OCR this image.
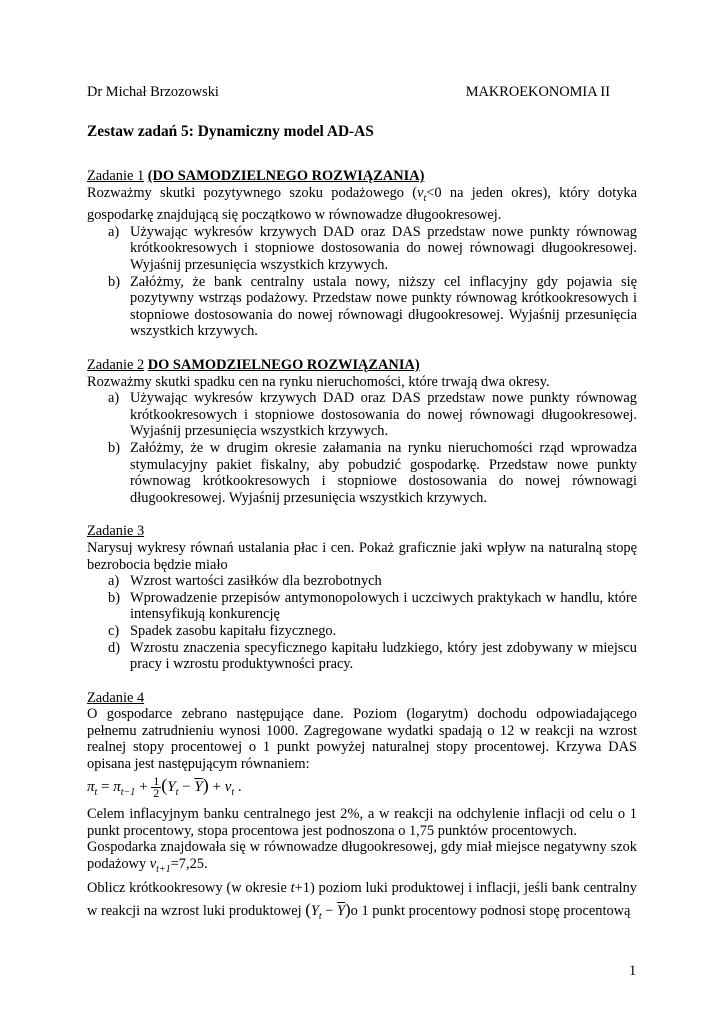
Dr Michał Brzozowski	MAKROEKONOMIA II
Zestaw zadań 5: Dynamiczny model AD-AS
Zadanie 1 (DO SAMODZIELNEGO ROZWIĄZANIA)

Rozważmy skutki pozytywnego szoku podażowego ($v_t<0$ na jeden okres), który dotyka gospodarkę znajdującą się początkowo w równowadze długookresowej.

a) Używając wykresów krzywych DAD oraz DAS przedstaw nowe punkty równowag krótkookresowych i stopniowe dostosowania do nowej równowagi długookresowej. Wyjaśnij przesunięcia wszystkich krzywych.
b) Załóżmy, że bank centralny ustala nowy, niższy cel inflacyjny gdy pojawia się pozytywny wstrząs podażowy. Przedstaw nowe punkty równowag krótkookresowych i stopniowe dostosowania do nowej równowagi długookresowej. Wyjaśnij przesunięcia wszystkich krzywych.
Zadanie 2 DO SAMODZIELNEGO ROZWIĄZANIA)

Rozważmy skutki spadku cen na rynku nieruchomości, które trwają dwa okresy.

a) Używając wykresów krzywych DAD oraz DAS przedstaw nowe punkty równowag krótkookresowych i stopniowe dostosowania do nowej równowagi długookresowej. Wyjaśnij przesunięcia wszystkich krzywych.
b) Załóżmy, że w drugim okresie załamania na rynku nieruchomości rząd wprowadza stymulacyjny pakiet fiskalny, aby pobudzić gospodarkę. Przedstaw nowe punkty równowag krótkookresowych i stopniowe dostosowania do nowej równowagi długookresowej. Wyjaśnij przesunięcia wszystkich krzywych.
Zadanie 3

Narysuj wykresy równań ustalania płac i cen. Pokaż graficznie jaki wpływ na naturalną stopę bezrobocia będzie miało

a) Wzrost wartości zasiłków dla bezrobotnych
b) Wprowadzenie przepisów antymonopolowych i uczciwych praktykach w handlu, które intensyfikują konkurencję
c) Spadek zasobu kapitału fizycznego.
d) Wzrostu znaczenia specyficznego kapitału ludzkiego, który jest zdobywany w miejscu pracy i wzrostu produktywności pracy.
Zadanie 4

O gospodarce zebrano następujące dane. Poziom (logarytm) dochodu odpowiadającego pełnemu zatrudnieniu wynosi 1000. Zagregowane wydatki spadają o 12 w reakcji na wzrost realnej stopy procentowej o 1 punkt powyżej naturalnej stopy procentowej. Krzywa DAS opisana jest następującym równaniem:

$\pi_t = \pi_{t-1} + \frac{1}{2}(Y_t - \overline{Y}) + \nu_t$ .

Celem inflacyjnym banku centralnego jest 2%, a w reakcji na odchylenie inflacji od celu o 1 punkt procentowy, stopa procentowa jest podnoszona o 1,75 punktów procentowych.

Gospodarka znajdowała się w równowadze długookresowej, gdy miał miejsce negatywny szok podażowy $v_{t+1}=7,25$.

Oblicz krótkookresowy (w okresie t+1) poziom luki produktowej i inflacji, jeśli bank centralny w reakcji na wzrost luki produktowej $(Y_t - \overline{Y})o$ 1 punkt procentowy podnosi stopę procentową

1
